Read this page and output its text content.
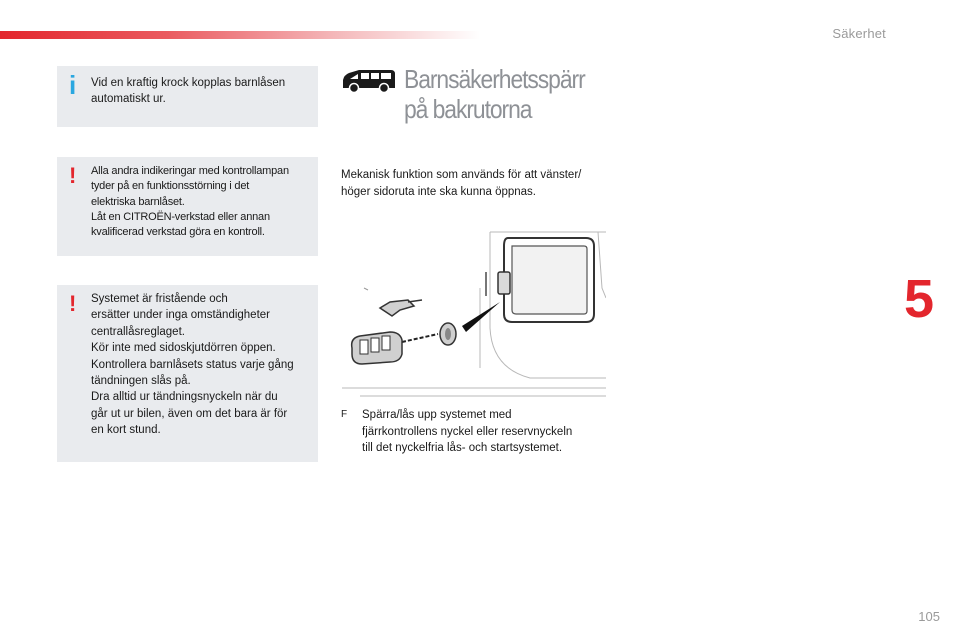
Säkerhet
5
105
i Vid en kraftig krock kopplas barnlåsen
automatiskt ur.
! Alla andra indikeringar med kontrollampan
tyder på en funktionsstörning i det
elektriska barnlåset.
Låt en CITROËN-verkstad eller annan
kvalificerad verkstad göra en kontroll.
! Systemet är fristående och
ersätter under inga omständigheter
centrallåsreglaget.
Kör inte med sidoskjutdörren öppen.
Kontrollera barnlåsets status varje gång
tändningen slås på.
Dra alltid ur tändningsnyckeln när du
går ut ur bilen, även om det bara är för
en kort stund.
Barnsäkerhetsspärr
på bakrutorna
Mekanisk funktion som används för att vänster/
höger sidoruta inte ska kunna öppnas.
F Spärra/lås upp systemet med
fjärrkontrollens nyckel eller reservnyckeln
till det nyckelfria lås- och startsystemet.
